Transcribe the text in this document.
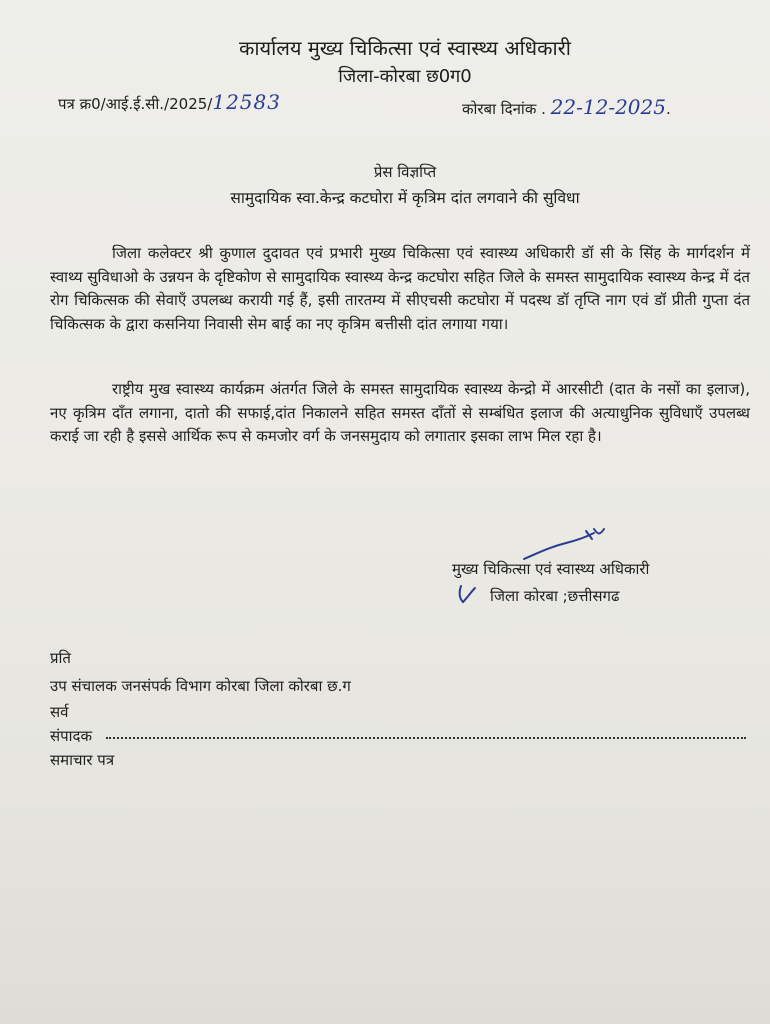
कार्यालय मुख्य चिकित्सा एवं स्वास्थ्य अधिकारी
जिला-कोरबा छ0ग0
पत्र क्र0/आई.ई.सी./2025/12583	कोरबा दिनांक . 22-12-2025.
प्रेस विज्ञप्ति
सामुदायिक स्वा.केन्द्र कटघोरा में कृत्रिम दांत लगवाने की सुविधा
जिला कलेक्टर श्री कुणाल दुदावत एवं प्रभारी मुख्य चिकित्सा एवं स्वास्थ्य अधिकारी डॉ सी के सिंह के मार्गदर्शन में स्वाथ्य सुविधाओ के उन्नयन के दृष्टिकोण से सामुदायिक स्वास्थ्य केन्द्र कटघोरा सहित जिले के समस्त सामुदायिक स्वास्थ्य केन्द्र में दंत रोग चिकित्सक की सेवाएँ उपलब्ध करायी गई हैं, इसी तारतम्य में सीएचसी कटघोरा में पदस्थ डॉ तृप्ति नाग एवं डॉ प्रीती गुप्ता दंत चिकित्सक के द्वारा कसनिया निवासी सेम बाई का नए कृत्रिम बत्तीसी दांत लगाया गया।
राष्ट्रीय मुख स्वास्थ्य कार्यक्रम अंतर्गत जिले के समस्त सामुदायिक स्वास्थ्य केन्द्रो में आरसीटी (दात के नसों का इलाज), नए कृत्रिम दाँत लगाना, दातो की सफाई,दांत निकालने सहित समस्त दाँतों से सम्बंधित इलाज की अत्याधुनिक सुविधाएँ उपलब्ध कराई जा रही है इससे आर्थिक रूप से कमजोर वर्ग के जनसमुदाय को लगातार इसका लाभ मिल रहा है।
मुख्य चिकित्सा एवं स्वास्थ्य अधिकारी
जिला कोरबा ;छत्तीसगढ
प्रति
उप संचालक जनसंपर्क विभाग कोरबा जिला कोरबा छ.ग
सर्व
संपादक
समाचार पत्र
